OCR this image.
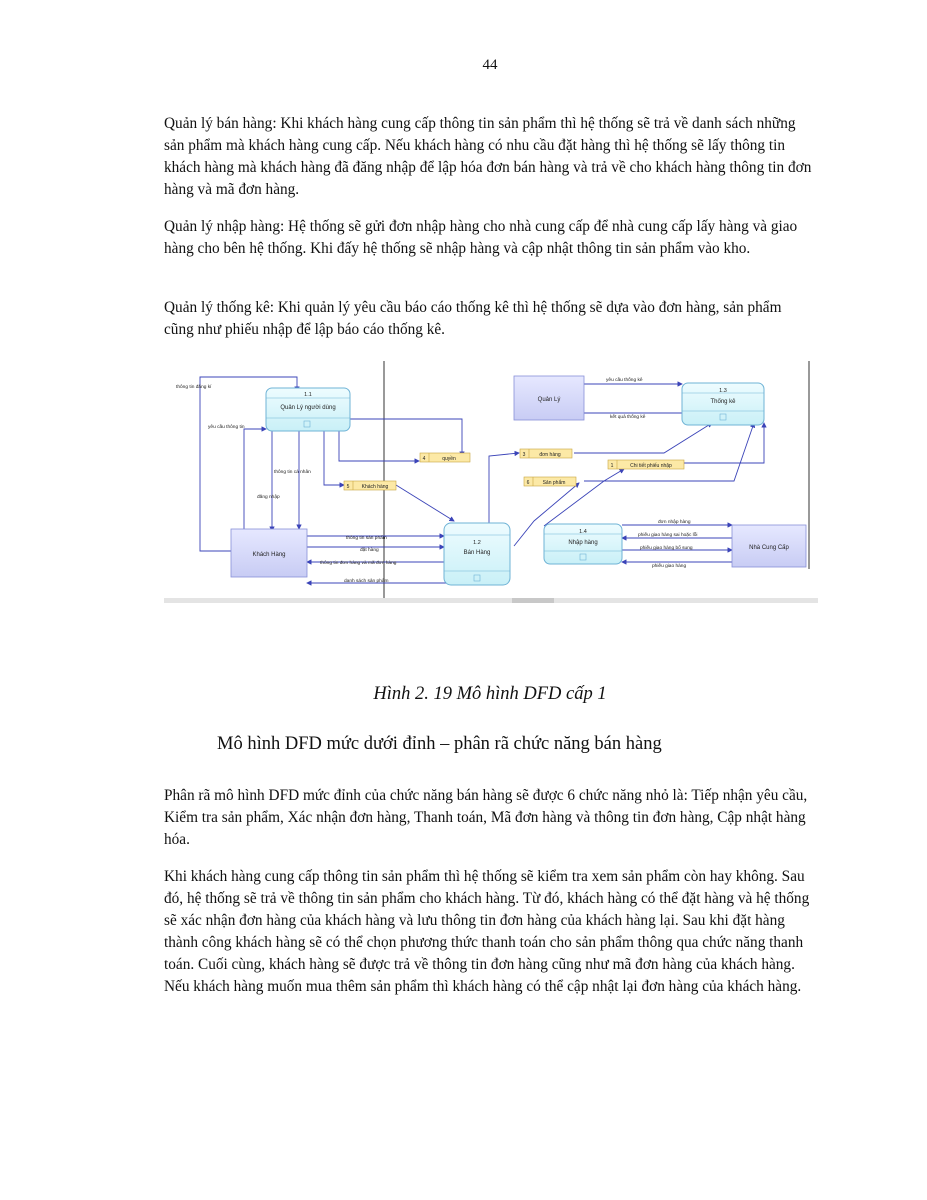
44

Quản lý bán hàng: Khi khách hàng cung cấp thông tin sản phẩm thì hệ thống sẽ trả về danh sách những sản phẩm mà khách hàng cung cấp. Nếu khách hàng có nhu cầu đặt hàng thì hệ thống sẽ lấy thông tin khách hàng mà khách hàng đã đăng nhập để lập hóa đơn bán hàng và trả về cho khách hàng thông tin đơn hàng và mã đơn hàng.

Quản lý nhập hàng: Hệ thống sẽ gửi đơn nhập hàng cho nhà cung cấp để nhà cung cấp lấy hàng và giao hàng cho bên hệ thống. Khi đấy hệ thống sẽ nhập hàng và cập nhật thông tin sản phẩm vào kho.

Quản lý thống kê: Khi quản lý yêu cầu báo cáo thống kê thì hệ thống sẽ dựa vào đơn hàng, sản phẩm cũng như phiếu nhập để lập báo cáo thống kê.

1.1
Quản Lý người dùng
1.2
Bán Hàng
1.3
Thống kê
1.4
Nhập hàng
Quản Lý
Khách Hàng
Nhà Cung Cấp
4	quyền
5 Khách hàng
3	đơn hàng
1	Chi tiết phiếu nhập
6	Sản phẩm
thông tin đăng kí
yêu cầu thông tin
thông tin cá nhân
đăng nhập
yêu cầu thống kê
kết quả thống kê
thông tin sản phẩm
đặt hàng
thông tin đơn hàng và mã đơn hàng
danh sách sản phẩm
đơn nhập hàng
phiếu giao hàng sai hoặc lỗi
phiếu giao hàng bổ sung
phiếu giao hàng
Hình 2. 19 Mô hình DFD cấp 1
Mô hình DFD mức dưới đỉnh – phân rã chức năng bán hàng

Phân rã mô hình DFD mức đỉnh của chức năng bán hàng sẽ được 6 chức năng nhỏ là: Tiếp nhận yêu cầu, Kiểm tra sản phẩm, Xác nhận đơn hàng, Thanh toán, Mã đơn hàng và thông tin đơn hàng, Cập nhật hàng hóa.

Khi khách hàng cung cấp thông tin sản phẩm thì hệ thống sẽ kiểm tra xem sản phẩm còn hay không. Sau đó, hệ thống sẽ trả về thông tin sản phẩm cho khách hàng. Từ đó, khách hàng có thể đặt hàng và hệ thống sẽ xác nhận đơn hàng của khách hàng và lưu thông tin đơn hàng của khách hàng lại. Sau khi đặt hàng thành công khách hàng sẽ có thể chọn phương thức thanh toán cho sản phẩm thông qua chức năng thanh toán. Cuối cùng, khách hàng sẽ được trả về thông tin đơn hàng cũng như mã đơn hàng của khách hàng. Nếu khách hàng muốn mua thêm sản phẩm thì khách hàng có thể cập nhật lại đơn hàng của khách hàng.
